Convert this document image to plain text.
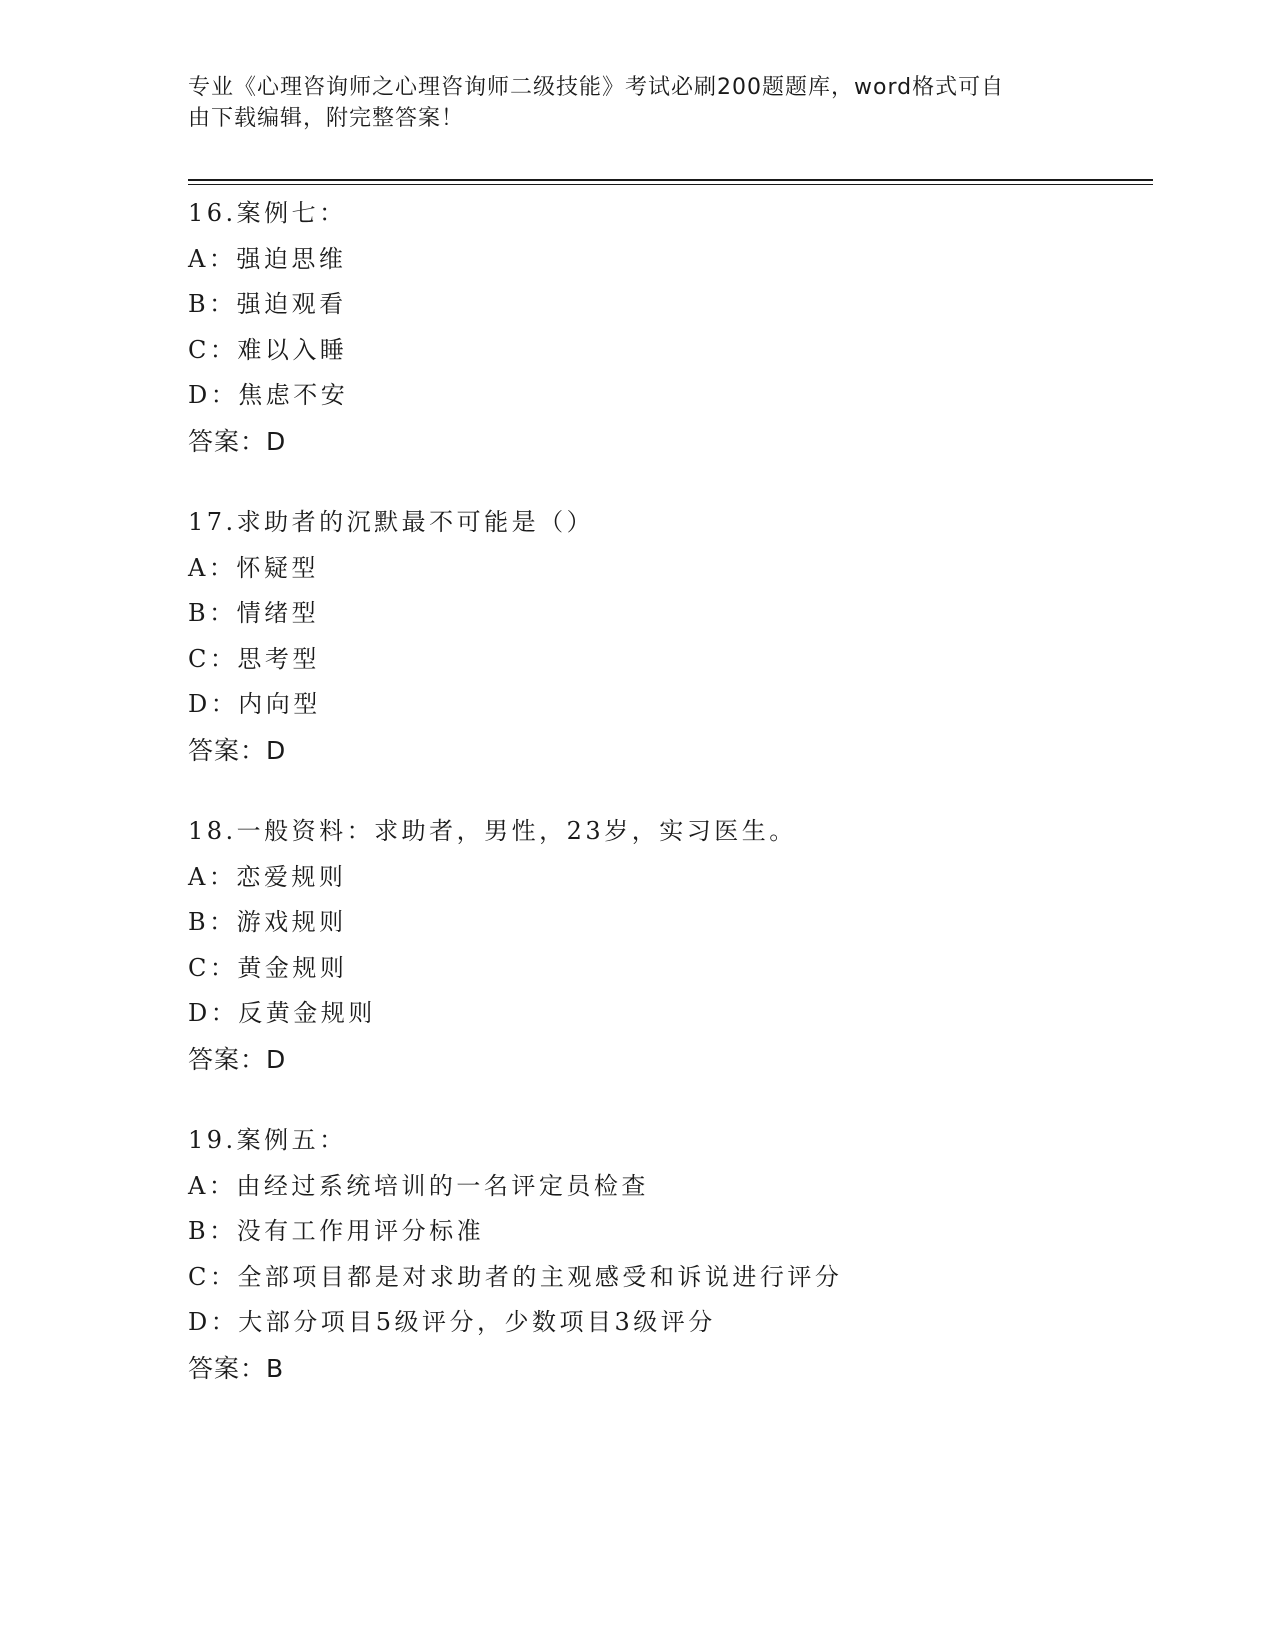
专业《心理咨询师之心理咨询师二级技能》考试必刷200题题库，word格式可自
由下载编辑，附完整答案！
16.案例七：
A：强迫思维
B：强迫观看
C：难以入睡
D：焦虑不安
答案：D
17.求助者的沉默最不可能是（）
A：怀疑型
B：情绪型
C：思考型
D：内向型
答案：D
18.一般资料：求助者，男性，23岁，实习医生。
A：恋爱规则
B：游戏规则
C：黄金规则
D：反黄金规则
答案：D
19.案例五：
A：由经过系统培训的一名评定员检查
B：没有工作用评分标准
C：全部项目都是对求助者的主观感受和诉说进行评分
D：大部分项目5级评分，少数项目3级评分
答案：B
